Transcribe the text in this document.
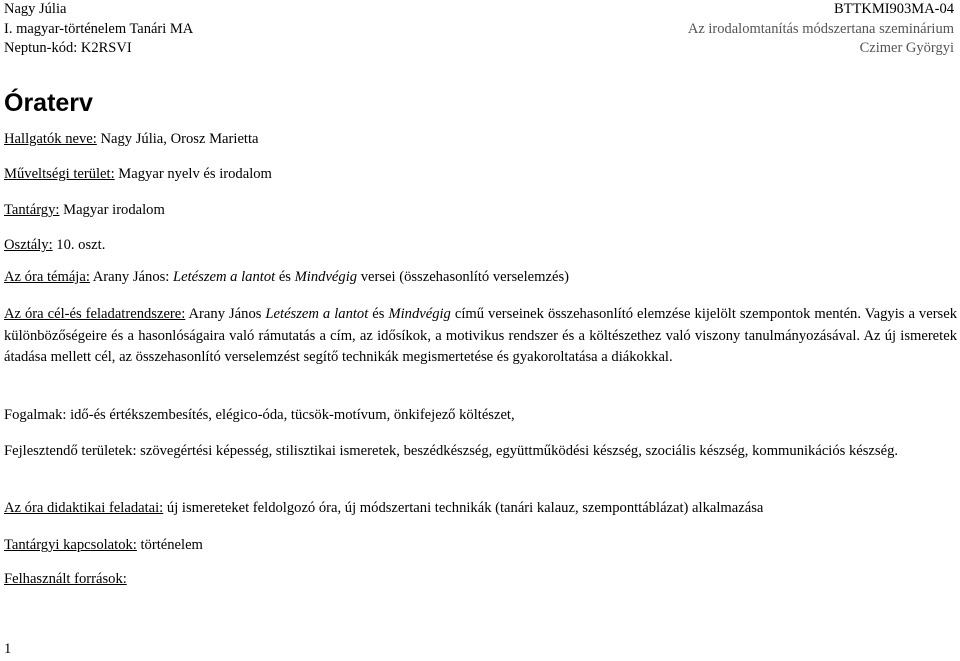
Nagy Júlia
I. magyar-történelem Tanári MA
Neptun-kód: K2RSVI
BTTKMI903MA-04
Az irodalomtanítás módszertana szeminárium
Czimer Györgyi
Óraterv
Hallgatók neve: Nagy Júlia, Orosz Marietta
Műveltségi terület: Magyar nyelv és irodalom
Tantárgy: Magyar irodalom
Osztály: 10. oszt.
Az óra témája: Arany János: Letészem a lantot és Mindvégig versei (összehasonlító verselemzés)
Az óra cél-és feladatrendszere: Arany János Letészem a lantot és Mindvégig című verseinek összehasonlító elemzése kijelölt szempontok mentén. Vagyis a versek különbözőségeire és a hasonlóságaira való rámutatás a cím, az idősíkok, a motivikus rendszer és a költészethez való viszony tanulmányozásával. Az új ismeretek átadása mellett cél, az összehasonlító verselemzést segítő technikák megismertetése és gyakoroltatása a diákokkal.
Fogalmak: idő-és értékszembesítés, elégico-óda, tücsök-motívum, önkifejező költészet,
Fejlesztendő területek: szövegértési képesség, stilisztikai ismeretek, beszédkészség, együttműködési készség, szociális készség, kommunikációs készség.
Az óra didaktikai feladatai: új ismereteket feldolgozó óra, új módszertani technikák (tanári kalauz, szemponttáblázat) alkalmazása
Tantárgyi kapcsolatok: történelem
Felhasznált források:
1
